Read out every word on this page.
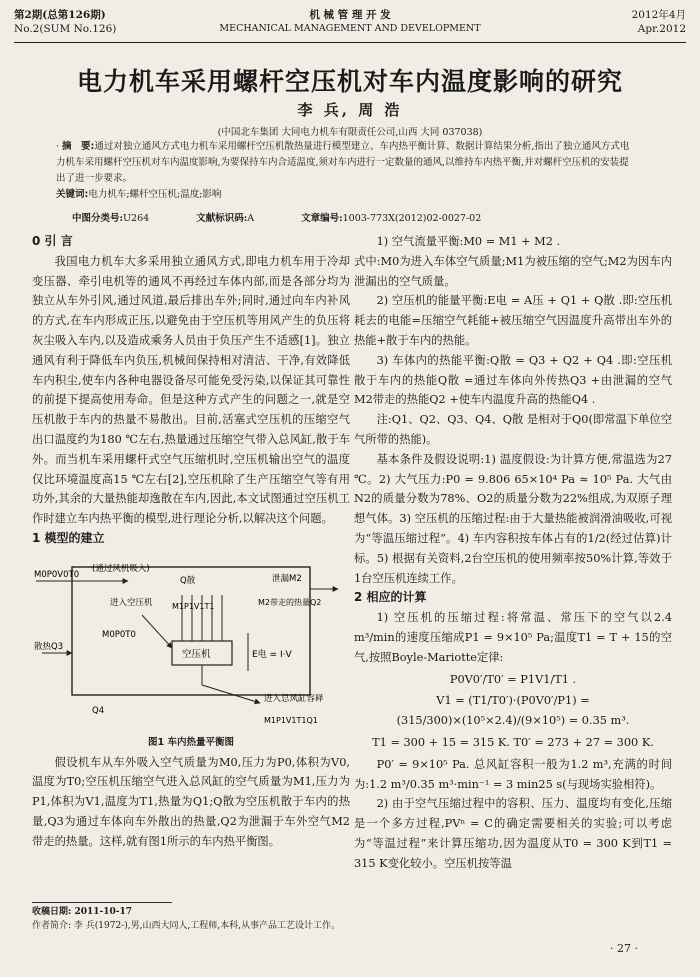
第2期(总第126期)
No.2(SUM No.126)
机 械 管 理 开 发
MECHANICAL MANAGEMENT AND DEVELOPMENT
2012年4月
Apr.2012
电力机车采用螺杆空压机对车内温度影响的研究
李 兵, 周 浩
(中国北车集团 大同电力机车有限责任公司,山西 大同 037038)
· 摘　要:通过对独立通风方式电力机车采用螺杆空压机散热量进行模型建立、车内热平衡计算、数据计算结果分析,指出了独立通风方式电力机车采用螺杆空压机对车内温度影响,为要保持车内合适温度,须对车内进行一定数量的通风,以维持车内热平衡,并对螺杆空压机的安装提出了进一步要求。
关键词:电力机车;螺杆空压机;温度;影响
中图分类号:U264	文献标识码:A	文章编号:1003-773X(2012)02-0027-02
0 引 言

我国电力机车大多采用独立通风方式,即电力机车用于冷却变压器、牵引电机等的通风不再经过车体内部,而是各部分均为独立从车外引风,通过风道,最后排出车外;同时,通过向车内补风的方式,在车内形成正压,以避免由于空压机等用风产生的负压将灰尘吸入车内,以及造成乘务人员由于负压产生不适感[1]。独立通风有利于降低车内负压,机械间保持相对清洁、干净,有效降低车内积尘,使车内各种电器设备尽可能免受污染,以保证其可靠性的前提下提高使用寿命。但是这种方式产生的问题之一,就是空压机散于车内的热量不易散出。目前,活塞式空压机的压缩空气出口温度约为180 ℃左右,热量通过压缩空气带入总风缸,散于车外。而当机车采用螺杆式空气压缩机时,空压机输出空气的温度仅比环境温度高15 ℃左右[2],空压机除了生产压缩空气等有用功外,其余的大量热能却逸散在车内,因此,本文试图通过空压机工作时建立车内热平衡的模型,进行理论分析,以解决这个问题。

1 模型的建立
M0P0V0T0
(通过风机吸入)
Q散
进入空压机 M1P1V1T1
泄漏M2
M2带走的热量Q2
散热Q3
M0P0T0
空压机	E电 = I·V
Q4
进入总风缸容释
M1P1V1T1Q1
图1 车内热量平衡图

假设机车从车外吸入空气质量为M0,压力为P0,体积为V0,温度为T0;空压机压缩空气进入总风缸的空气质量为M1,压力为P1,体积为V1,温度为T1,热量为Q1;Q散为空压机散于车内的热量,Q3为通过车体向车外散出的热量,Q2为泄漏于车外空气M2带走的热量。这样,就有图1所示的车内热平衡图。

1) 空气流量平衡:M0 = M1 + M2 .

式中:M0为进入车体空气质量;M1为被压缩的空气;M2为因车内泄漏出的空气质量。

2) 空压机的能量平衡:E电 = A压 + Q1 + Q散 .即:空压机耗去的电能=压缩空气耗能+被压缩空气因温度升高带出车外的热能+散于车内的热能。

3) 车体内的热能平衡:Q散 = Q3 + Q2 + Q4 .即:空压机散于车内的热能Q散 =通过车体向外传热Q3 +由泄漏的空气M2带走的热能Q2 +使车内温度升高的热能Q4 .

注:Q1、Q2、Q3、Q4、Q散 是相对于Q0(即常温下单位空气所带的热能)。

基本条件及假设说明:1) 温度假设:为计算方便,常温选为27 ℃。2) 大气压力:P0 = 9.806 65×10⁴ Pa ≈ 10⁵ Pa. 大气由N2的质量分数为78%、O2的质量分数为22%组成,为双原子理想气体。3) 空压机的压缩过程:由于大量热能被润滑油吸收,可视为“等温压缩过程”。4) 车内容积按车体占有的1/2(经过估算)计标。5) 根据有关资料,2台空压机的使用频率按50%计算,等效于1台空压机连续工作。

2 相应的计算

1) 空压机的压缩过程:将常温、常压下的空气以2.4 m³/min的速度压缩成P1 = 9×10⁵ Pa;温度T1 = T + 15的空气,按照Boyle-Mariotte定律:

P0V0′/T0′ = P1V1/T1 .
V1 = (T1/T0′)·(P0V0′/P1) = (315/300)×(10⁵×2.4)/(9×10⁵) = 0.35 m³.
T1 = 300 + 15 = 315 K. T0′ = 273 + 27 = 300 K.

P0′ = 9×10⁵ Pa. 总风缸容积一般为1.2 m³,充满的时间为:1.2 m³/0.35 m³·min⁻¹ = 3 min25 s(与现场实验相符)。

2) 由于空气压缩过程中的容积、压力、温度均有变化,压缩是一个多方过程,PVⁿ = C的确定需要相关的实验;可以考虑为“等温过程”来计算压缩功,因为温度从T0 = 300 K到T1 = 315 K变化较小。空压机按等温

收稿日期: 2011-10-17
作者简介: 李 兵(1972-),男,山西大同人,工程师,本科,从事产品工艺设计工作。
· 27 ·
